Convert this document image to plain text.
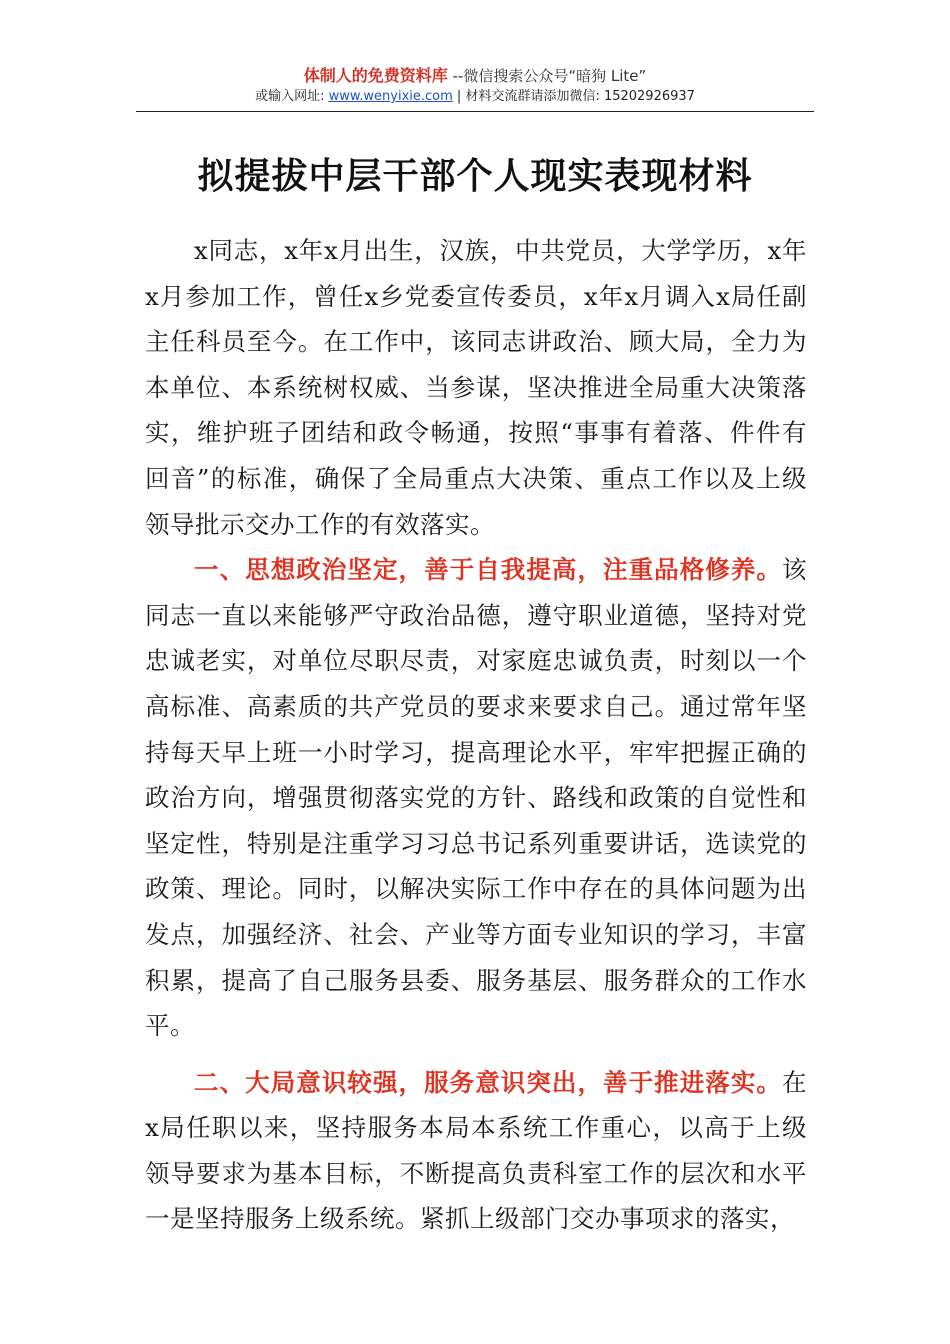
体制人的免费资料库 --微信搜索公众号“暗狗 Lite”
或输入网址: www.wenyixie.com | 材料交流群请添加微信: 15202926937
拟提拔中层干部个人现实表现材料

x同志，x年x月出生，汉族，中共党员，大学学历，x年x月参加工作，曾任x乡党委宣传委员，x年x月调入x局任副主任科员至今。在工作中，该同志讲政治、顾大局，全力为本单位、本系统树权威、当参谋，坚决推进全局重大决策落实，维护班子团结和政令畅通，按照“事事有着落、件件有回音”的标准，确保了全局重点大决策、重点工作以及上级领导批示交办工作的有效落实。

一、思想政治坚定，善于自我提高，注重品格修养。该同志一直以来能够严守政治品德，遵守职业道德，坚持对党忠诚老实，对单位尽职尽责，对家庭忠诚负责，时刻以一个高标准、高素质的共产党员的要求来要求自己。通过常年坚持每天早上班一小时学习，提高理论水平，牢牢把握正确的政治方向，增强贯彻落实党的方针、路线和政策的自觉性和坚定性，特别是注重学习习总书记系列重要讲话，选读党的政策、理论。同时，以解决实际工作中存在的具体问题为出发点，加强经济、社会、产业等方面专业知识的学习，丰富积累，提高了自己服务县委、服务基层、服务群众的工作水平。

二、大局意识较强，服务意识突出，善于推进落实。在x局任职以来，坚持服务本局本系统工作重心，以高于上级领导要求为基本目标，不断提高负责科室工作的层次和水平一是坚持服务上级系统。紧抓上级部门交办事项求的落实，
